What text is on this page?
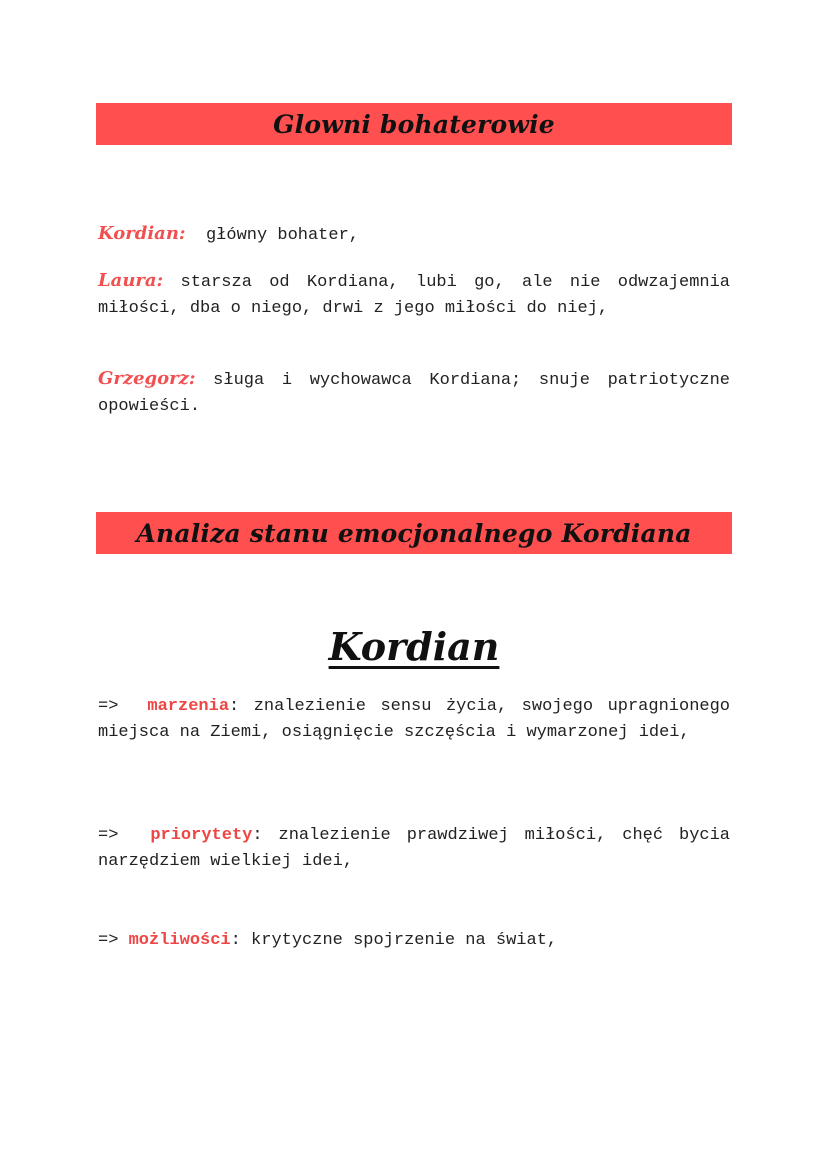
Glowni bohaterowie
Kordian: główny bohater,
Laura: starsza od Kordiana, lubi go, ale nie odwzajemnia miłości, dba o niego, drwi z jego miłości do niej,
Grzegorz: sługa i wychowawca Kordiana; snuje patriotyczne opowieści.
Analiza stanu emocjonalnego Kordiana
Kordian
=> marzenia: znalezienie sensu życia, swojego upragnionego miejsca na Ziemi, osiągnięcie szczęścia i wymarzonej idei,
=> priorytety: znalezienie prawdziwej miłości, chęć bycia narzędziem wielkiej idei,
=> możliwości: krytyczne spojrzenie na świat,
